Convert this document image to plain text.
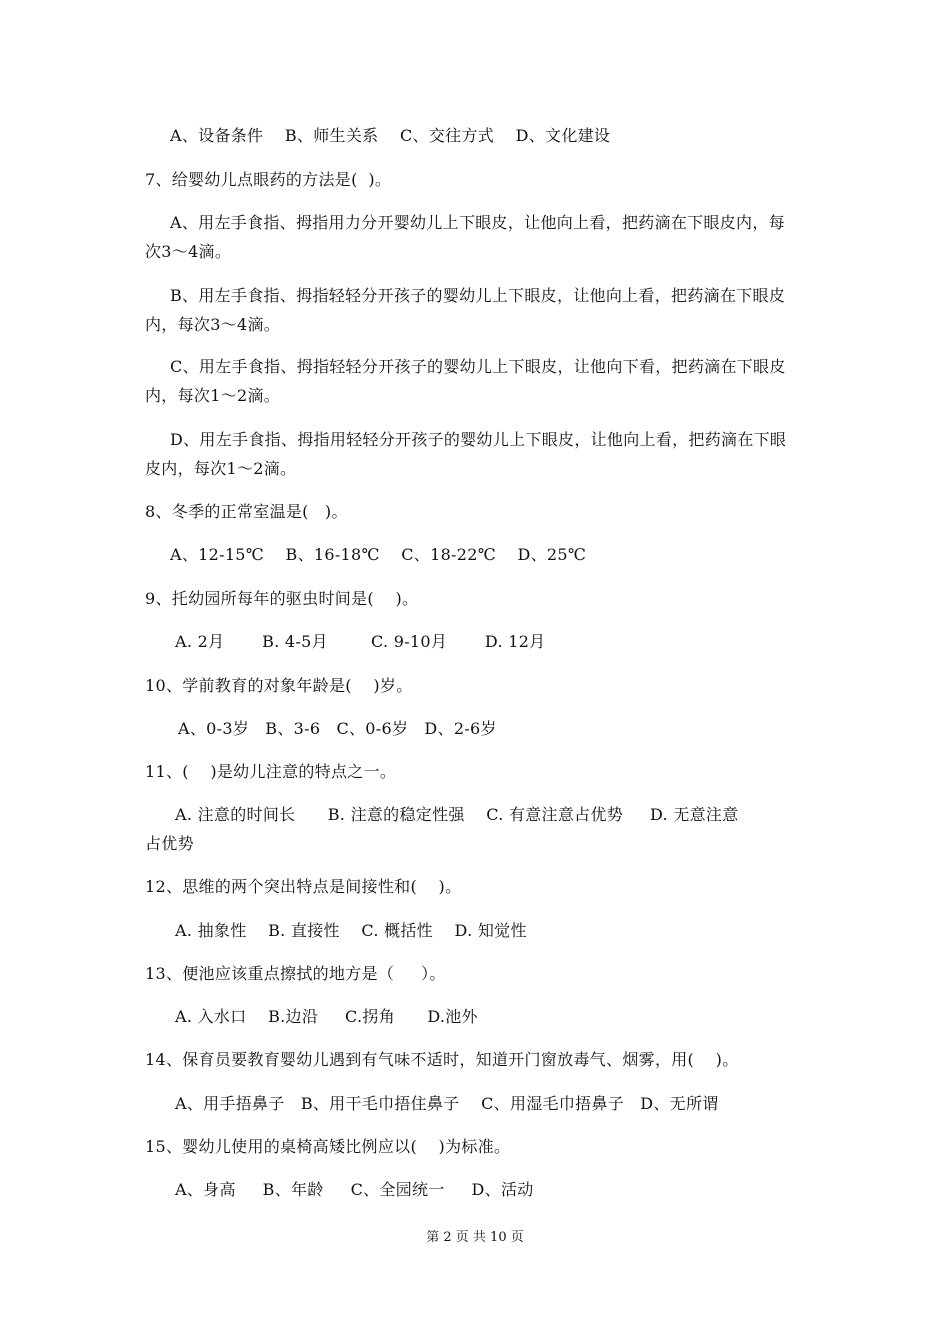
A、设备条件    B、师生关系    C、交往方式    D、文化建设
7、给婴幼儿点眼药的方法是(  )。
A、用左手食指、拇指用力分开婴幼儿上下眼皮，让他向上看，把药滴在下眼皮内，每
次3～4滴。
B、用左手食指、拇指轻轻分开孩子的婴幼儿上下眼皮，让他向上看，把药滴在下眼皮
内，每次3～4滴。
C、用左手食指、拇指轻轻分开孩子的婴幼儿上下眼皮，让他向下看，把药滴在下眼皮
内，每次1～2滴。
D、用左手食指、拇指用轻轻分开孩子的婴幼儿上下眼皮，让他向上看，把药滴在下眼
皮内，每次1～2滴。
8、冬季的正常室温是(   )。
A、12-15℃    B、16-18℃    C、18-22℃    D、25℃
9、托幼园所每年的驱虫时间是(    )。
A. 2月       B. 4-5月        C. 9-10月       D. 12月
10、学前教育的对象年龄是(    )岁。
A、0-3岁   B、3-6   C、0-6岁   D、2-6岁
11、(    )是幼儿注意的特点之一。
A. 注意的时间长      B. 注意的稳定性强    C. 有意注意占优势     D. 无意注意
占优势
12、思维的两个突出特点是间接性和(    )。
A. 抽象性    B. 直接性    C. 概括性    D. 知觉性
13、便池应该重点擦拭的地方是（     ）。
A. 入水口    B.边沿     C.拐角      D.池外
14、保育员要教育婴幼儿遇到有气味不适时，知道开门窗放毒气、烟雾，用(    )。
A、用手捂鼻子   B、用干毛巾捂住鼻子    C、用湿毛巾捂鼻子   D、无所谓
15、婴幼儿使用的桌椅高矮比例应以(    )为标准。
A、身高     B、年龄     C、全园统一     D、活动
第 2 页 共 10 页
